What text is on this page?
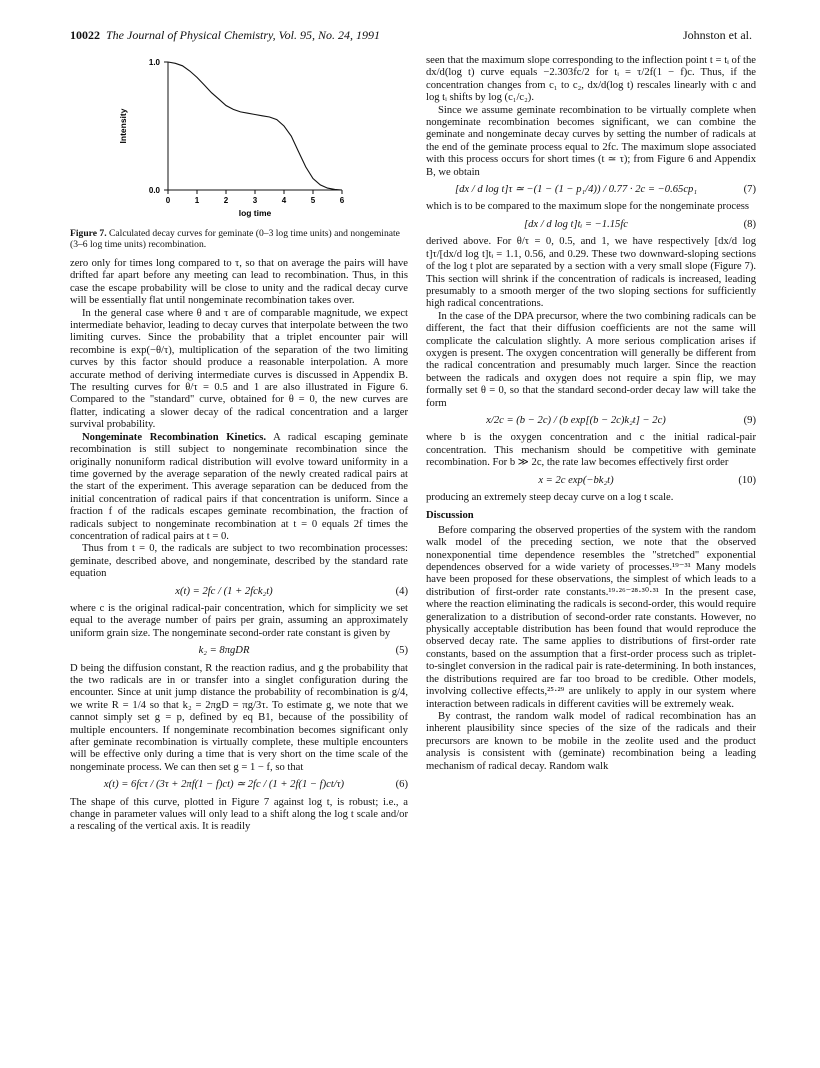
10022 The Journal of Physical Chemistry, Vol. 95, No. 24, 1991	Johnston et al.
0	1	2	3	4	5	6
0.0
1.0
log time
Intensity
Figure 7. Calculated decay curves for geminate (0–3 log time units) and nongeminate (3–6 log time units) recombination.

zero only for times long compared to τ, so that on average the pairs will have drifted far apart before any meeting can lead to recombination. Thus, in this case the escape probability will be close to unity and the radical decay curve will be essentially flat until nongeminate recombination takes over.

In the general case where θ and τ are of comparable magnitude, we expect intermediate behavior, leading to decay curves that interpolate between the two limiting curves. Since the probability that a triplet encounter pair will recombine is exp(−θ/τ), multiplication of the separation of the two limiting curves by this factor should produce a reasonable interpolation. A more accurate method of deriving intermediate curves is discussed in Appendix B. The resulting curves for θ/τ = 0.5 and 1 are also illustrated in Figure 6. Compared to the "standard" curve, obtained for θ = 0, the new curves are flatter, indicating a slower decay of the radical concentration and a larger survival probability.

Nongeminate Recombination Kinetics. A radical escaping geminate recombination is still subject to nongeminate recombination since the originally nonuniform radical distribution will evolve toward uniformity in a time governed by the average separation of the newly created radical pairs at the start of the experiment. This average separation can be deduced from the initial concentration of radical pairs if that concentration is uniform. Since a fraction f of the radicals escapes geminate recombination, the fraction of radicals subject to nongeminate recombination at t = 0 equals 2f times the concentration of radical pairs at t = 0.

Thus from t = 0, the radicals are subject to two recombination processes: geminate, described above, and nongeminate, described by the standard rate equation

x(t) = 2fc / (1 + 2fck₂t)	(4)

where c is the original radical-pair concentration, which for simplicity we set equal to the average number of pairs per grain, assuming an approximately uniform grain size. The nongeminate second-order rate constant is given by

k₂ = 8πgDR	(5)

D being the diffusion constant, R the reaction radius, and g the probability that the two radicals are in or transfer into a singlet configuration during the encounter. Since at unit jump distance the probability of recombination is g/4, we write R = 1/4 so that k₂ = 2πgD = πg/3τ. To estimate g, we note that we cannot simply set g = p, defined by eq B1, because of the possibility of multiple encounters. If nongeminate recombination becomes significant only after geminate recombination is virtually complete, these multiple encounters will be effective only during a time that is very short on the time scale of the nongeminate process. We can then set g = 1 − f, so that

x(t) = 6fcτ / (3τ + 2πf(1 − f)ct) ≃ 2fc / (1 + 2f(1 − f)ct/τ)	(6)

The shape of this curve, plotted in Figure 7 against log t, is robust; i.e., a change in parameter values will only lead to a shift along the log t scale and/or a rescaling of the vertical axis. It is readily

seen that the maximum slope corresponding to the inflection point t = tᵢ of the dx/d(log t) curve equals −2.303fc/2 for tᵢ = τ/2f(1 − f)c. Thus, if the concentration changes from c₁ to c₂, dx/d(log t) rescales linearly with c and log tᵢ shifts by log (c₁/c₂).

Since we assume geminate recombination to be virtually complete when nongeminate recombination becomes significant, we can combine the geminate and nongeminate decay curves by setting the number of radicals at the end of the geminate process equal to 2fc. The maximum slope associated with this process occurs for short times (t ≃ τ); from Figure 6 and Appendix B, we obtain

[dx / d log t]τ ≃ −(1 − (1 − p₁/4)) / 0.77 · 2c = −0.65cp₁	(7)

which is to be compared to the maximum slope for the nongeminate process

[dx / d log t]tᵢ = −1.15fc	(8)

derived above. For θ/τ = 0, 0.5, and 1, we have respectively [dx/d log t]τ/[dx/d log t]tᵢ = 1.1, 0.56, and 0.29. These two downward-sloping sections of the log t plot are separated by a section with a very small slope (Figure 7). This section will shrink if the concentration of radicals is increased, leading presumably to a smooth merger of the two sloping sections for sufficiently high radical concentrations.

In the case of the DPA precursor, where the two combining radicals can be different, the fact that their diffusion coefficients are not the same will complicate the calculation slightly. A more serious complication arises if oxygen is present. The oxygen concentration will generally be different from the radical concentration and presumably much larger. Since the reaction between the radicals and oxygen does not require a spin flip, we may formally set θ = 0, so that the standard second-order decay law will take the form

x/2c = (b − 2c) / (b exp[(b − 2c)k₂t] − 2c)	(9)

where b is the oxygen concentration and c the initial radical-pair concentration. This mechanism should be competitive with geminate recombination. For b ≫ 2c, the rate law becomes effectively first order

x = 2c exp(−bk₂t)	(10)

producing an extremely steep decay curve on a log t scale.

Discussion

Before comparing the observed properties of the system with the random walk model of the preceding section, we note that the observed nonexponential time dependence resembles the "stretched" exponential dependences observed for a wide variety of processes.¹⁹⁻³¹ Many models have been proposed for these observations, the simplest of which leads to a distribution of first-order rate constants.¹⁹·²⁶⁻²⁸·³⁰·³¹ In the present case, where the reaction eliminating the radicals is second-order, this would require generalization to a distribution of second-order rate constants. However, no physically acceptable distribution has been found that would reproduce the observed decay rate. The same applies to distributions of first-order rate constants, based on the assumption that a first-order process such as triplet-to-singlet conversion in the radical pair is rate-determining. In both instances, the distributions required are far too broad to be credible. Other models, involving collective effects,²⁵·²⁹ are unlikely to apply in our system where interaction between radicals in different cavities will be extremely weak.

By contrast, the random walk model of radical recombination has an inherent plausibility since species of the size of the radicals and their precursors are known to be mobile in the zeolite used and the product analysis is consistent with (geminate) recombination being a leading mechanism of radical decay. Random walk
